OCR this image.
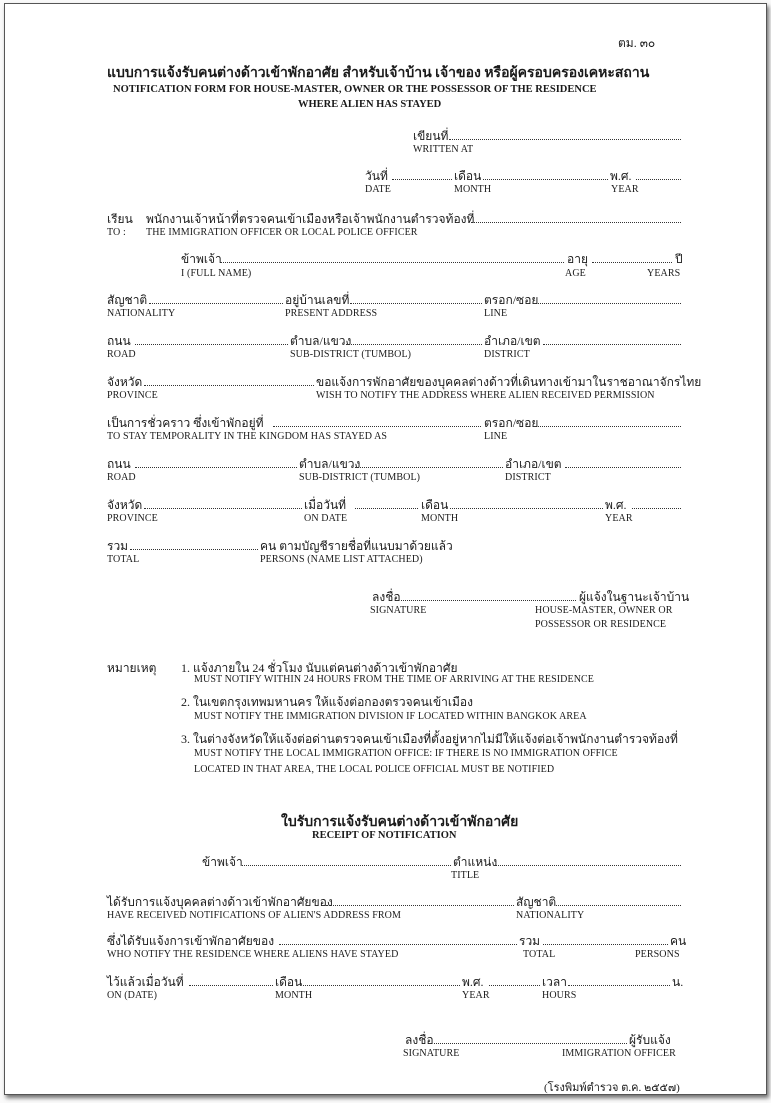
ตม. ๓๐
แบบการแจ้งรับคนต่างด้าวเข้าพักอาศัย สำหรับเจ้าบ้าน เจ้าของ หรือผู้ครอบครองเคหะสถาน
NOTIFICATION FORM FOR HOUSE-MASTER, OWNER OR THE POSSESSOR OF THE RESIDENCE
WHERE ALIEN HAS STAYED
เขียนที่
WRITTEN AT
วันที่	เดือน	พ.ศ.
DATE	MONTH	YEAR
เรียน พนักงานเจ้าหน้าที่ตรวจคนเข้าเมืองหรือเจ้าพนักงานตำรวจท้องที่
TO : THE IMMIGRATION OFFICER OR LOCAL POLICE OFFICER
ข้าพเจ้า	อายุ	ปี
I (FULL NAME)	AGE	YEARS
สัญชาติ	อยู่บ้านเลขที่	ตรอก/ซอย
NATIONALITY	PRESENT ADDRESS	LINE
ถนน	ตำบล/แขวง	อำเภอ/เขต
ROAD	SUB-DISTRICT (TUMBOL)	DISTRICT
จังหวัด	ขอแจ้งการพักอาศัยของบุคคลต่างด้าวที่เดินทางเข้ามาในราชอาณาจักรไทย
PROVINCE	WISH TO NOTIFY THE ADDRESS WHERE ALIEN RECEIVED PERMISSION
เป็นการชั่วคราว ซึ่งเข้าพักอยู่ที่	ตรอก/ซอย
TO STAY TEMPORALITY IN THE KINGDOM HAS STAYED AS	LINE
ถนน	ตำบล/แขวง	อำเภอ/เขต
ROAD	SUB-DISTRICT (TUMBOL)	DISTRICT
จังหวัด	เมื่อวันที่	เดือน	พ.ศ.
PROVINCE	ON DATE	MONTH	YEAR
รวม	คน ตามบัญชีรายชื่อที่แนบมาด้วยแล้ว
TOTAL	PERSONS (NAME LIST ATTACHED)
ลงชื่อ	ผู้แจ้งในฐานะเจ้าบ้าน
SIGNATURE	HOUSE-MASTER, OWNER OR
POSSESSOR OR RESIDENCE
หมายเหตุ 1. แจ้งภายใน 24 ชั่วโมง นับแต่คนต่างด้าวเข้าพักอาศัย
MUST NOTIFY WITHIN 24 HOURS FROM THE TIME OF ARRIVING AT THE RESIDENCE
2. ในเขตกรุงเทพมหานคร ให้แจ้งต่อกองตรวจคนเข้าเมือง
MUST NOTIFY THE IMMIGRATION DIVISION IF LOCATED WITHIN BANGKOK AREA
3. ในต่างจังหวัดให้แจ้งต่อด่านตรวจคนเข้าเมืองที่ตั้งอยู่หากไม่มีให้แจ้งต่อเจ้าพนักงานตำรวจท้องที่
MUST NOTIFY THE LOCAL IMMIGRATION OFFICE: IF THERE IS NO IMMIGRATION OFFICE
LOCATED IN THAT AREA, THE LOCAL POLICE OFFICIAL MUST BE NOTIFIED
ใบรับการแจ้งรับคนต่างด้าวเข้าพักอาศัย
RECEIPT OF NOTIFICATION
ข้าพเจ้า	ตำแหน่ง
TITLE
ได้รับการแจ้งบุคคลต่างด้าวเข้าพักอาศัยของ	สัญชาติ
HAVE RECEIVED NOTIFICATIONS OF ALIEN'S ADDRESS FROM	NATIONALITY
ซึ่งได้รับแจ้งการเข้าพักอาศัยของ	รวม	คน
WHO NOTIFY THE RESIDENCE WHERE ALIENS HAVE STAYED	TOTAL	PERSONS
ไว้แล้วเมื่อวันที่	เดือน	พ.ศ.	เวลา	น.
ON (DATE)	MONTH	YEAR	HOURS
ลงชื่อ	ผู้รับแจ้ง
SIGNATURE	IMMIGRATION OFFICER
(โรงพิมพ์ตำรวจ ต.ค. ๒๕๕๗)
